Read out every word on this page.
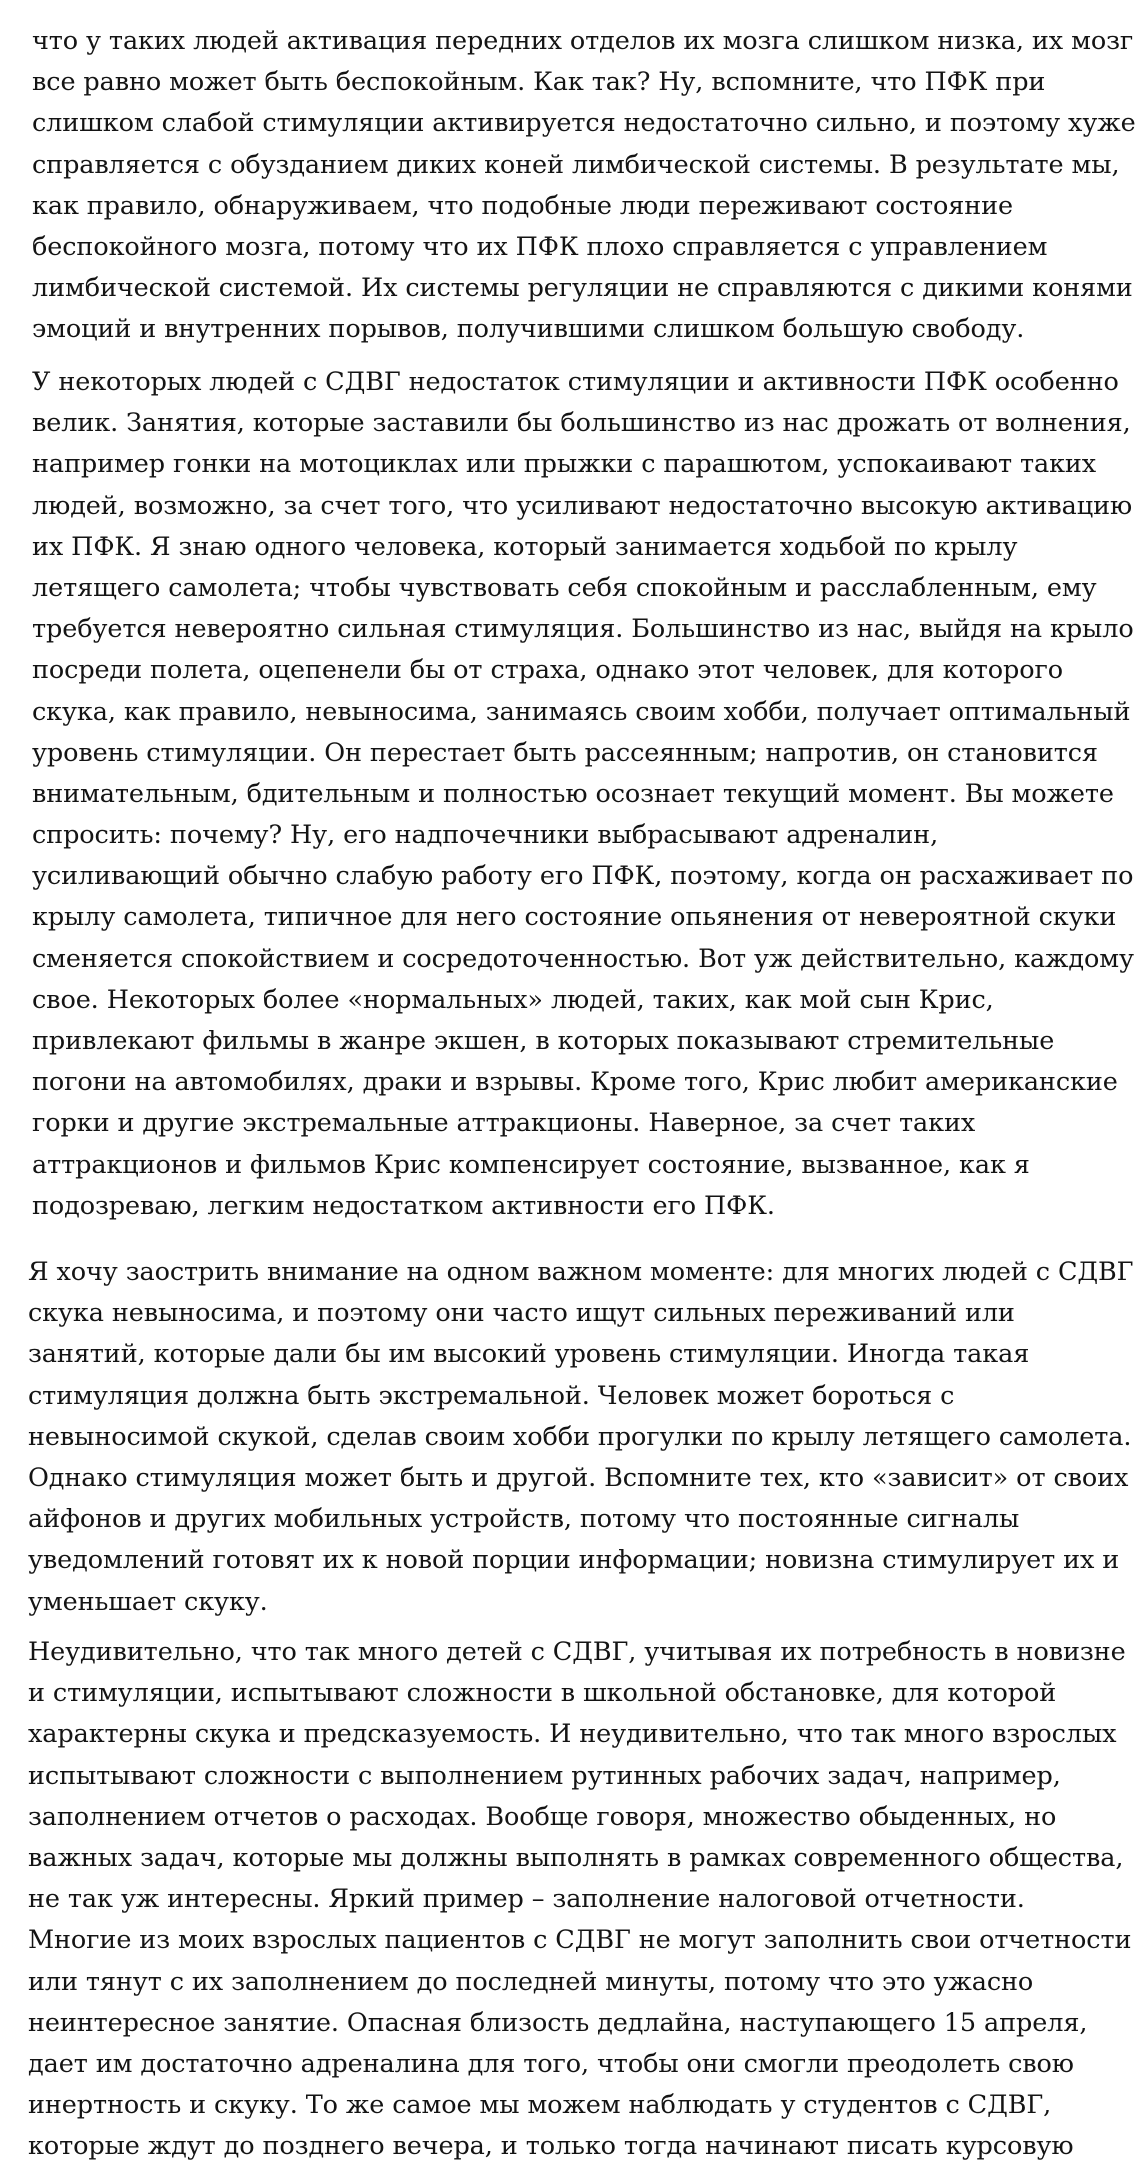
что у таких людей активация передних отделов их мозга слишком низка, их мозг
все равно может быть беспокойным. Как так? Ну, вспомните, что ПФК при
слишком слабой стимуляции активируется недостаточно сильно, и поэтому хуже
справляется с обузданием диких коней лимбической системы. В результате мы,
как правило, обнаруживаем, что подобные люди переживают состояние
беспокойного мозга, потому что их ПФК плохо справляется с управлением
лимбической системой. Их системы регуляции не справляются с дикими конями
эмоций и внутренних порывов, получившими слишком большую свободу.
У некоторых людей с СДВГ недостаток стимуляции и активности ПФК особенно
велик. Занятия, которые заставили бы большинство из нас дрожать от волнения,
например гонки на мотоциклах или прыжки с парашютом, успокаивают таких
людей, возможно, за счет того, что усиливают недостаточно высокую активацию
их ПФК. Я знаю одного человека, который занимается ходьбой по крылу
летящего самолета; чтобы чувствовать себя спокойным и расслабленным, ему
требуется невероятно сильная стимуляция. Большинство из нас, выйдя на крыло
посреди полета, оцепенели бы от страха, однако этот человек, для которого
скука, как правило, невыносима, занимаясь своим хобби, получает оптимальный
уровень стимуляции. Он перестает быть рассеянным; напротив, он становится
внимательным, бдительным и полностью осознает текущий момент. Вы можете
спросить: почему? Ну, его надпочечники выбрасывают адреналин,
усиливающий обычно слабую работу его ПФК, поэтому, когда он расхаживает по
крылу самолета, типичное для него состояние опьянения от невероятной скуки
сменяется спокойствием и сосредоточенностью. Вот уж действительно, каждому
свое. Некоторых более «нормальных» людей, таких, как мой сын Крис,
привлекают фильмы в жанре экшен, в которых показывают стремительные
погони на автомобилях, драки и взрывы. Кроме того, Крис любит американские
горки и другие экстремальные аттракционы. Наверное, за счет таких
аттракционов и фильмов Крис компенсирует состояние, вызванное, как я
подозреваю, легким недостатком активности его ПФК.
Я хочу заострить внимание на одном важном моменте: для многих людей с СДВГ
скука невыносима, и поэтому они часто ищут сильных переживаний или
занятий, которые дали бы им высокий уровень стимуляции. Иногда такая
стимуляция должна быть экстремальной. Человек может бороться с
невыносимой скукой, сделав своим хобби прогулки по крылу летящего самолета.
Однако стимуляция может быть и другой. Вспомните тех, кто «зависит» от своих
айфонов и других мобильных устройств, потому что постоянные сигналы
уведомлений готовят их к новой порции информации; новизна стимулирует их и
уменьшает скуку.
Неудивительно, что так много детей с СДВГ, учитывая их потребность в новизне
и стимуляции, испытывают сложности в школьной обстановке, для которой
характерны скука и предсказуемость. И неудивительно, что так много взрослых
испытывают сложности с выполнением рутинных рабочих задач, например,
заполнением отчетов о расходах. Вообще говоря, множество обыденных, но
важных задач, которые мы должны выполнять в рамках современного общества,
не так уж интересны. Яркий пример – заполнение налоговой отчетности.
Многие из моих взрослых пациентов с СДВГ не могут заполнить свои отчетности
или тянут с их заполнением до последней минуты, потому что это ужасно
неинтересное занятие. Опасная близость дедлайна, наступающего 15 апреля,
дает им достаточно адреналина для того, чтобы они смогли преодолеть свою
инертность и скуку. То же самое мы можем наблюдать у студентов с СДВГ,
которые ждут до позднего вечера, и только тогда начинают писать курсовую
